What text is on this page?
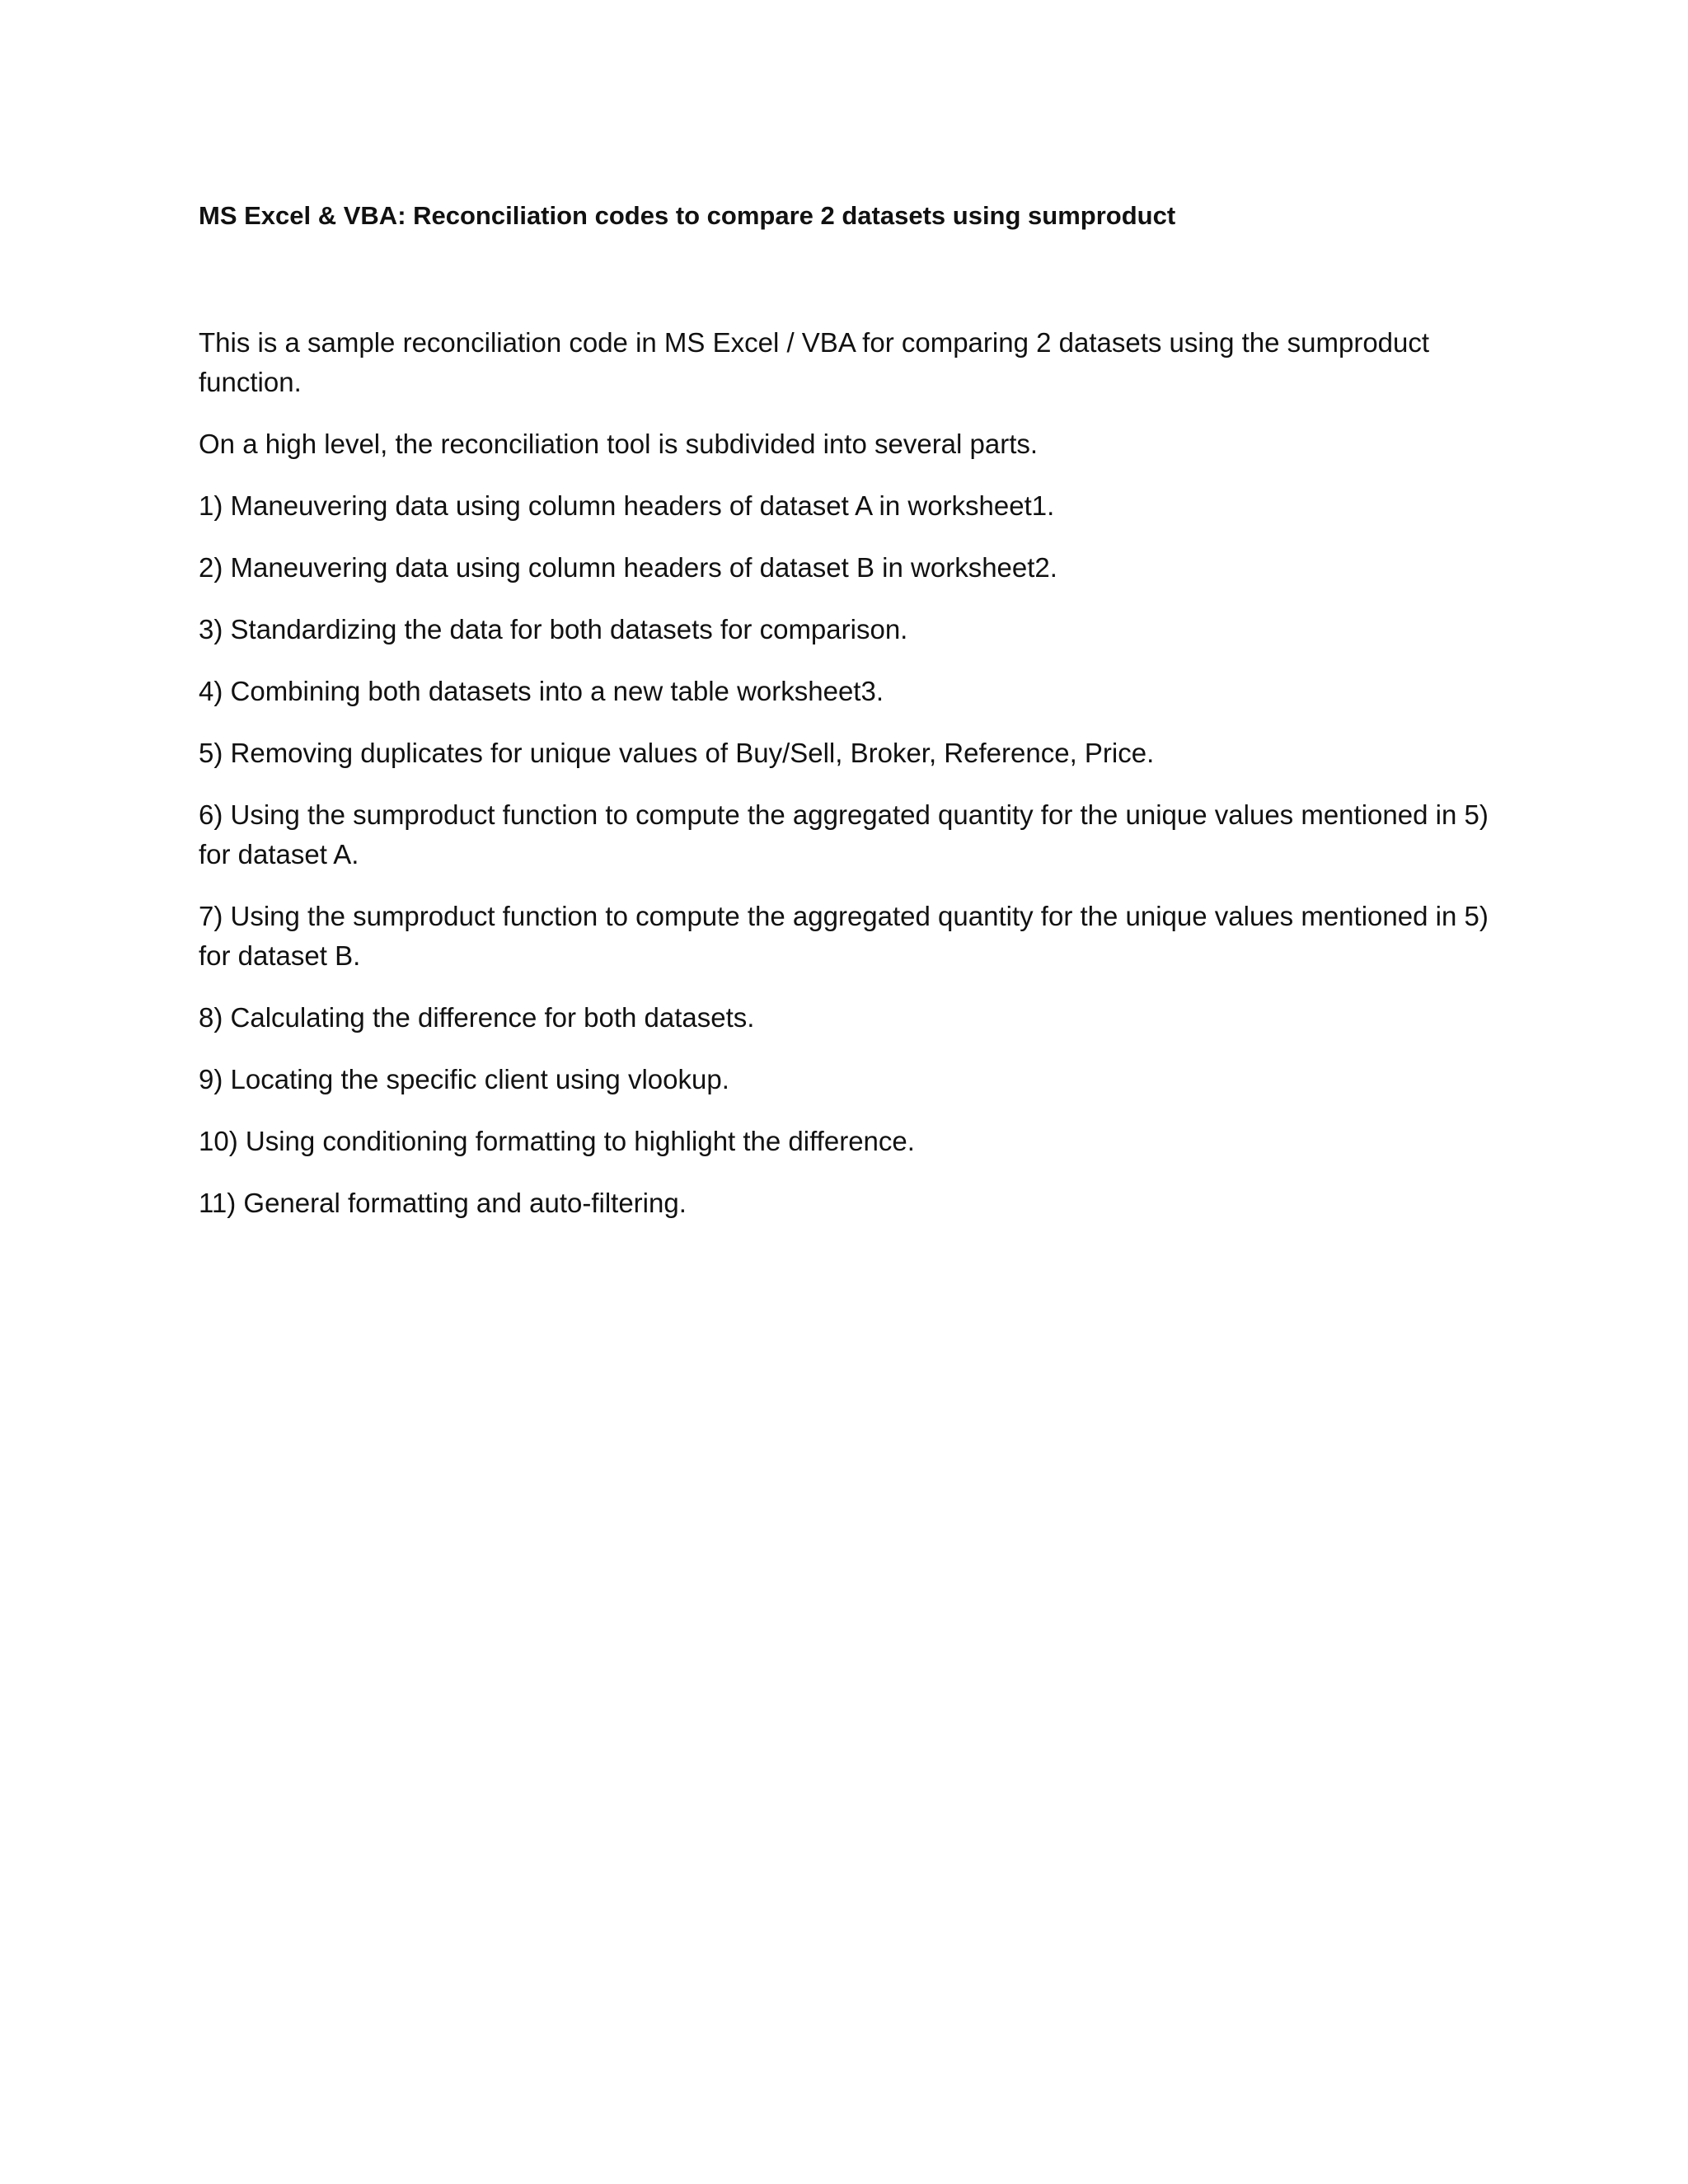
MS Excel & VBA: Reconciliation codes to compare 2 datasets using sumproduct

This is a sample reconciliation code in MS Excel / VBA for comparing 2 datasets using the sumproduct function.

On a high level, the reconciliation tool is subdivided into several parts.

1) Maneuvering data using column headers of dataset A in worksheet1.
2) Maneuvering data using column headers of dataset B in worksheet2.
3) Standardizing the data for both datasets for comparison.
4) Combining both datasets into a new table worksheet3.
5) Removing duplicates for unique values of Buy/Sell, Broker, Reference, Price.
6) Using the sumproduct function to compute the aggregated quantity for the unique values mentioned in 5) for dataset A.
7) Using the sumproduct function to compute the aggregated quantity for the unique values mentioned in 5) for dataset B.
8) Calculating the difference for both datasets.
9) Locating the specific client using vlookup.
10) Using conditioning formatting to highlight the difference.
11) General formatting and auto-filtering.
